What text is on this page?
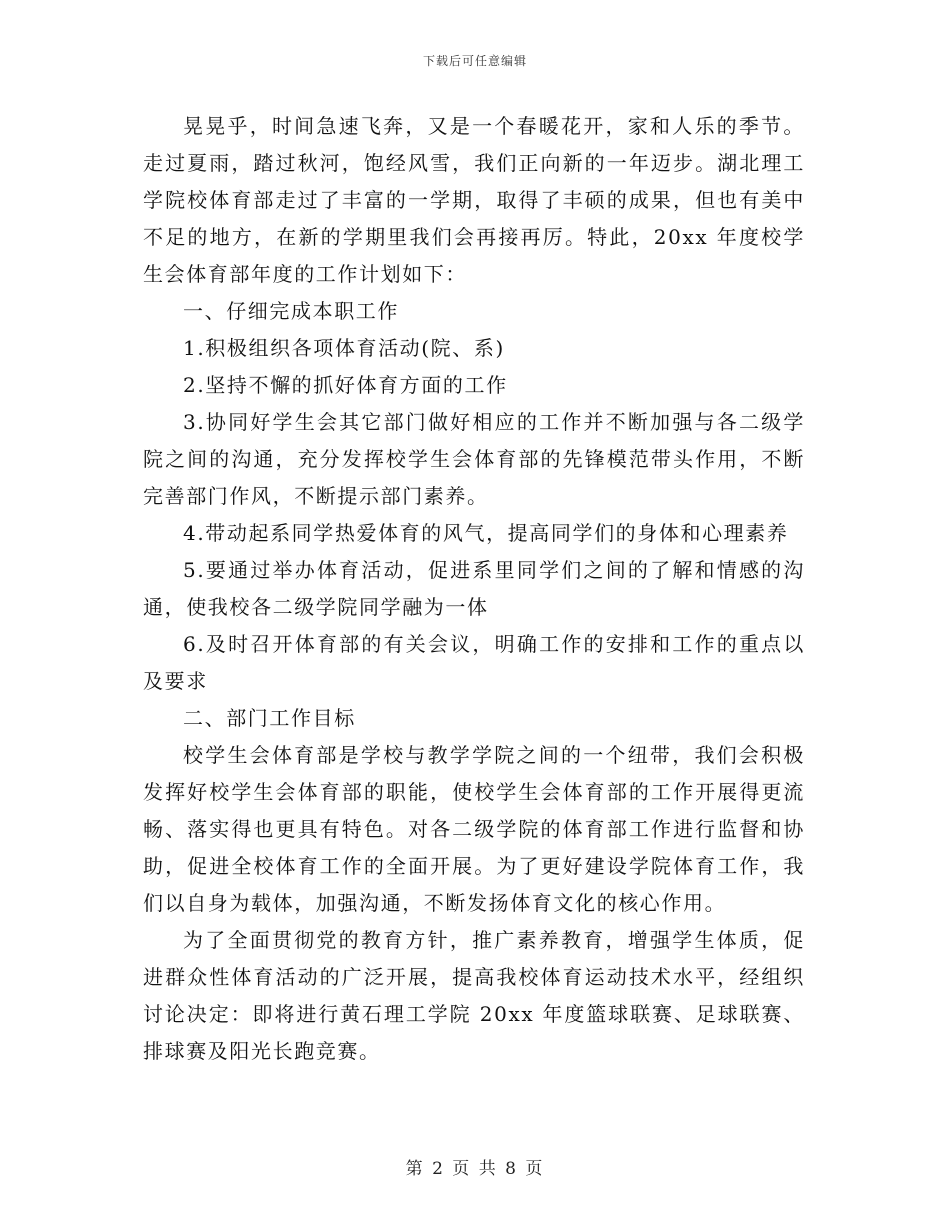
下载后可任意编辑

晃晃乎，时间急速飞奔，又是一个春暖花开，家和人乐的季节。走过夏雨，踏过秋河，饱经风雪，我们正向新的一年迈步。湖北理工学院校体育部走过了丰富的一学期，取得了丰硕的成果，但也有美中不足的地方，在新的学期里我们会再接再厉。特此，20xx 年度校学生会体育部年度的工作计划如下：

一、仔细完成本职工作

1.积极组织各项体育活动(院、系)

2.坚持不懈的抓好体育方面的工作

3.协同好学生会其它部门做好相应的工作并不断加强与各二级学院之间的沟通，充分发挥校学生会体育部的先锋模范带头作用，不断完善部门作风，不断提示部门素养。

4.带动起系同学热爱体育的风气，提高同学们的身体和心理素养

5.要通过举办体育活动，促进系里同学们之间的了解和情感的沟通，使我校各二级学院同学融为一体

6.及时召开体育部的有关会议，明确工作的安排和工作的重点以及要求

二、部门工作目标

校学生会体育部是学校与教学学院之间的一个纽带，我们会积极发挥好校学生会体育部的职能，使校学生会体育部的工作开展得更流畅、落实得也更具有特色。对各二级学院的体育部工作进行监督和协助，促进全校体育工作的全面开展。为了更好建设学院体育工作，我们以自身为载体，加强沟通，不断发扬体育文化的核心作用。

为了全面贯彻党的教育方针，推广素养教育，增强学生体质，促进群众性体育活动的广泛开展，提高我校体育运动技术水平，经组织讨论决定：即将进行黄石理工学院 20xx 年度篮球联赛、足球联赛、排球赛及阳光长跑竞赛。

第 2 页 共 8 页
